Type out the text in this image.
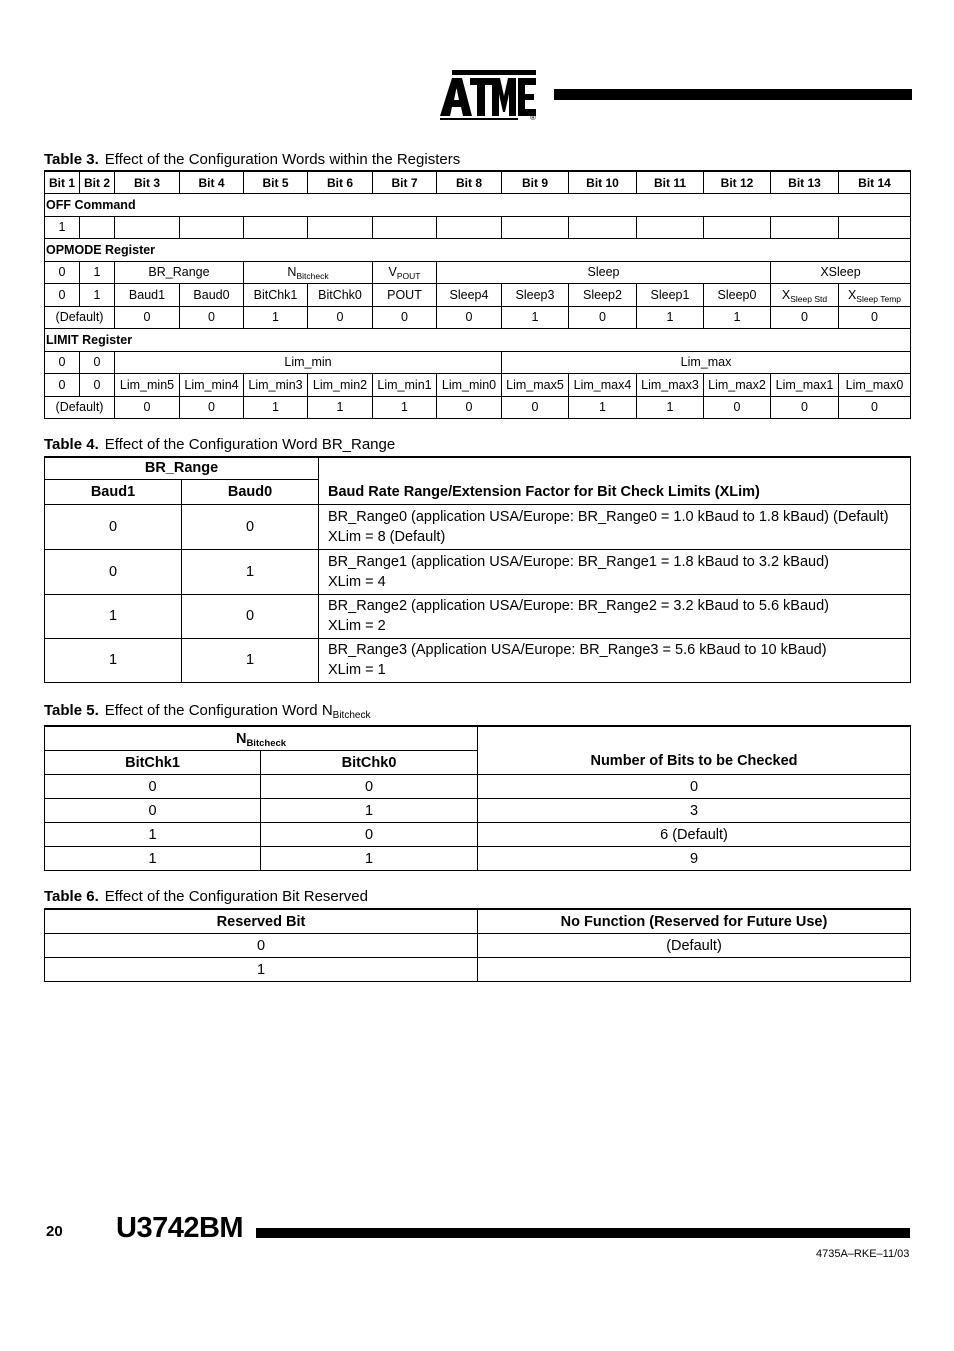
®
Table 3. Effect of the Configuration Words within the Registers
Bit 1	Bit 2	Bit 3	Bit 4	Bit 5	Bit 6	Bit 7	Bit 8	Bit 9	Bit 10	Bit 11	Bit 12	Bit 13	Bit 14
OFF Command													
1													
OPMODE Register													
0	1	BR_Range		$N_{Bitcheck}$		$V_{POUT}$	Sleep					XSleep	
0	1	Baud1	Baud0	BitChk1	BitChk0	POUT	Sleep4	Sleep3	Sleep2	Sleep1	Sleep0	$X_{Sleep Std}$	$X_{Sleep Temp}$
(Default)		0	0	1	0	0	0	1	0	1	1	0	0
LIMIT Register													
0	0	Lim_min						Lim_max					
0	0	Lim_min5	Lim_min4	Lim_min3	Lim_min2	Lim_min1	Lim_min0	Lim_max5	Lim_max4	Lim_max3	Lim_max2	Lim_max1	Lim_max0
(Default)		0	0	1	1	1	0	0	1	1	0	0	0
Table 4. Effect of the Configuration Word BR_Range
BR_Range		Baud Rate Range/Extension Factor for Bit Check Limits (XLim)
Baud1	Baud0	
0	0	BR_Range0 (application USA/Europe: BR_Range0 = 1.0 kBaud to 1.8 kBaud) (Default)
XLim = 8 (Default)

0	1	BR_Range1 (application USA/Europe: BR_Range1 = 1.8 kBaud to 3.2 kBaud)
XLim = 4

1	0	BR_Range2 (application USA/Europe: BR_Range2 = 3.2 kBaud to 5.6 kBaud)
XLim = 2

1	1	BR_Range3 (Application USA/Europe: BR_Range3 = 5.6 kBaud to 10 kBaud)
XLim = 1
Table 5. Effect of the Configuration Word $N_{Bitcheck}$
$N_{Bitcheck}$		Number of Bits to be Checked
BitChk1	BitChk0	
0	0	0
0	1	3
1	0	6 (Default)
1	1	9
Table 6. Effect of the Configuration Bit Reserved
Reserved Bit	No Function (Reserved for Future Use)
0	(Default)
1	
20 U3742BM
4735A–RKE–11/03
